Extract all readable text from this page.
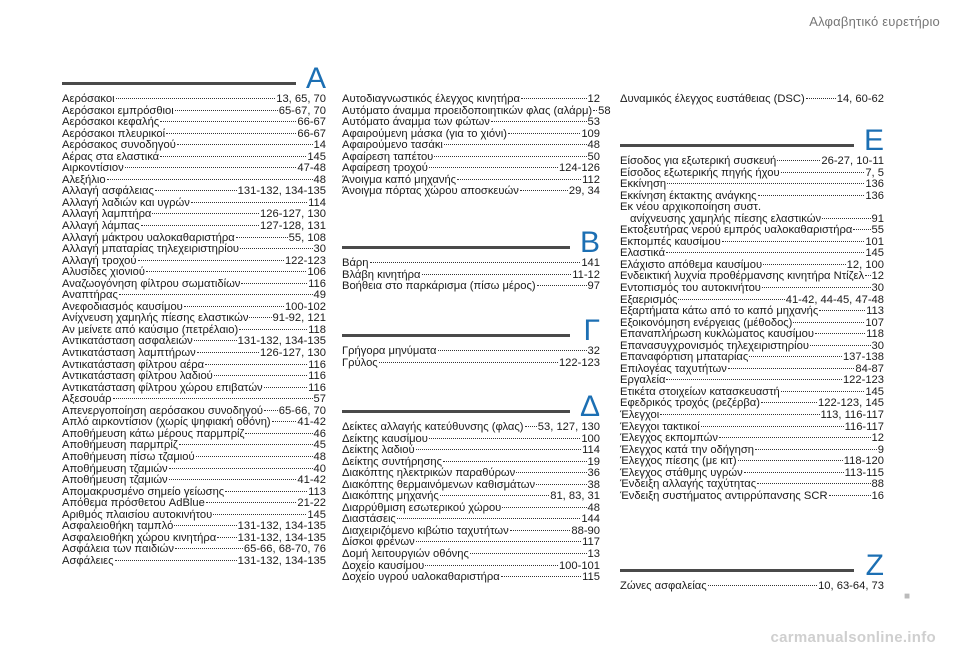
Αλφαβητικό ευρετήριο
A
Αερόσακοι	13, 65, 70
Αερόσακοι εμπρόσθιοι	65-67, 70
Αερόσακοι κεφαλής	66-67
Αερόσακοι πλευρικοί	66-67
Αερόσακος συνοδηγού	14
Αέρας στα ελαστικά	145
Αιρκοντίσιον	47-48
Αλεξήλιο	48
Αλλαγή ασφάλειας	131-132, 134-135
Αλλαγή λαδιών και υγρών	114
Αλλαγή λαμπτήρα	126-127, 130
Αλλαγή λάμπας	127-128, 131
Αλλαγή μάκτρου υαλοκαθαριστήρα	55, 108
Αλλαγή μπαταρίας τηλεχειριστηρίου	30
Αλλαγή τροχού	122-123
Αλυσίδες χιονιού	106
Αναζωογόνηση φίλτρου σωματιδίων	116
Αναπτήρας	49
Ανεφοδιασμός καυσίμου	100-102
Ανίχνευση χαμηλής πίεσης ελαστικών 91-92, 121
Αν μείνετε από καύσιμο (πετρέλαιο)	118
Αντικατάσταση ασφαλειών	131-132, 134-135
Αντικατάσταση λαμπτήρων	126-127, 130
Αντικατάσταση φίλτρου αέρα	116
Αντικατάσταση φίλτρου λαδιού	116
Αντικατάσταση φίλτρου χώρου επιβατών	116
Αξεσουάρ	57
Απενεργοποίηση αερόσακου συνοδηγού 65-66, 70
Απλό αιρκοντίσιον (χωρίς ψηφιακή οθόνη) 41-42
Αποθήμευση κάτω μέρους παρμπρίζ	46
Αποθήμευση παρμπρίζ	45
Αποθήμευση πίσω τζαμιού	48
Αποθήμευση τζαμιών	40
Αποθήμευση τζαμιών	41-42
Απομακρυσμένο σημείο γείωσης	113
Απόθεμα πρόσθετου AdBlue	21-22
Αριθμός πλαισίου αυτοκινήτου	145
Ασφαλειοθήκη ταμπλό	131-132, 134-135
Ασφαλειοθήκη χώρου κινητήρα 131-132, 134-135
Ασφάλεια των παιδιών	65-66, 68-70, 76
Ασφάλειες	131-132, 134-135
Αυτοδιαγνωστικός έλεγχος κινητήρα	12
Αυτόματο άναμμα προειδοποιητικών φλας (αλάρμ) 58
Αυτόματο άναμμα των φώτων	53
Αφαιρούμενη μάσκα (για το χιόνι)	109
Αφαιρούμενο τασάκι	48
Αφαίρεση ταπέτου	50
Αφαίρεση τροχού	124-126
Άνοιγμα καπό μηχανής	112
Άνοιγμα πόρτας χώρου αποσκευών	29, 34
B
Βάρη	141
Βλάβη κινητήρα	11-12
Βοήθεια στο παρκάρισμα (πίσω μέρος)	97
Γ
Γρήγορα μηνύματα	32
Γρύλος	122-123
Δ
Δείκτες αλλαγής κατεύθυνσης (φλας) 53, 127, 130
Δείκτης καυσίμου	100
Δείκτης λαδιού	114
Δείκτης συντήρησης	19
Διακόπτης ηλεκτρικών παραθύρων	36
Διακόπτης θερμαινόμενων καθισμάτων	38
Διακόπτης μηχανής	81, 83, 31
Διαρρύθμιση εσωτερικού χώρου	48
Διαστάσεις	144
Διαχειριζόμενο κιβώτιο ταχυτήτων	88-90
Δίσκοι φρένων	117
Δομή λειτουργιών οθόνης	13
Δοχείο καυσίμου	100-101
Δοχείο υγρού υαλοκαθαριστήρα	115
Δυναμικός έλεγχος ευστάθειας (DSC)	14, 60-62
E
Είσοδος για εξωτερική συσκευή	26-27, 10-11
Είσοδος εξωτερικής πηγής ήχου	7, 5
Εκκίνηση	136
Εκκίνηση έκτακτης ανάγκης	136
Εκ νέου αρχικοποίηση συστ.
ανίχνευσης χαμηλής πίεσης ελαστικών	91
Εκτοξευτήρας νερού εμπρός υαλοκαθαριστήρα 55
Εκπομπές καυσίμου	101
Ελαστικά	145
Ελάχιστο απόθεμα καυσίμου	12, 100
Ενδεικτική λυχνία προθέρμανσης κινητήρα Ντίζελ 12
Εντοπισμός του αυτοκινήτου	30
Εξαερισμός	41-42, 44-45, 47-48
Εξαρτήματα κάτω από το καπό μηχανής	113
Εξοικονόμηση ενέργειας (μέθοδος)	107
Επαναπλήρωση κυκλώματος καυσίμου	118
Επανασυγχρονισμός τηλεχειριστηρίου	30
Επαναφόρτιση μπαταρίας	137-138
Επιλογέας ταχυτήτων	84-87
Εργαλεία	122-123
Ετικέτα στοιχείων κατασκευαστή	145
Εφεδρικός τροχός (ρεζέρβα)	122-123, 145
Έλεγχοι	113, 116-117
Έλεγχοι τακτικοί	116-117
Έλεγχος εκπομπών	12
Έλεγχος κατά την οδήγηση	9
Έλεγχος πίεσης (με κιτ)	118-120
Έλεγχος στάθμης υγρών	113-115
Ένδειξη αλλαγής ταχύτητας	88
Ένδειξη συστήματος αντιρρύπανσης SCR	16
Z
Ζώνες ασφαλείας	10, 63-64, 73
■
carmanualsonline.info
